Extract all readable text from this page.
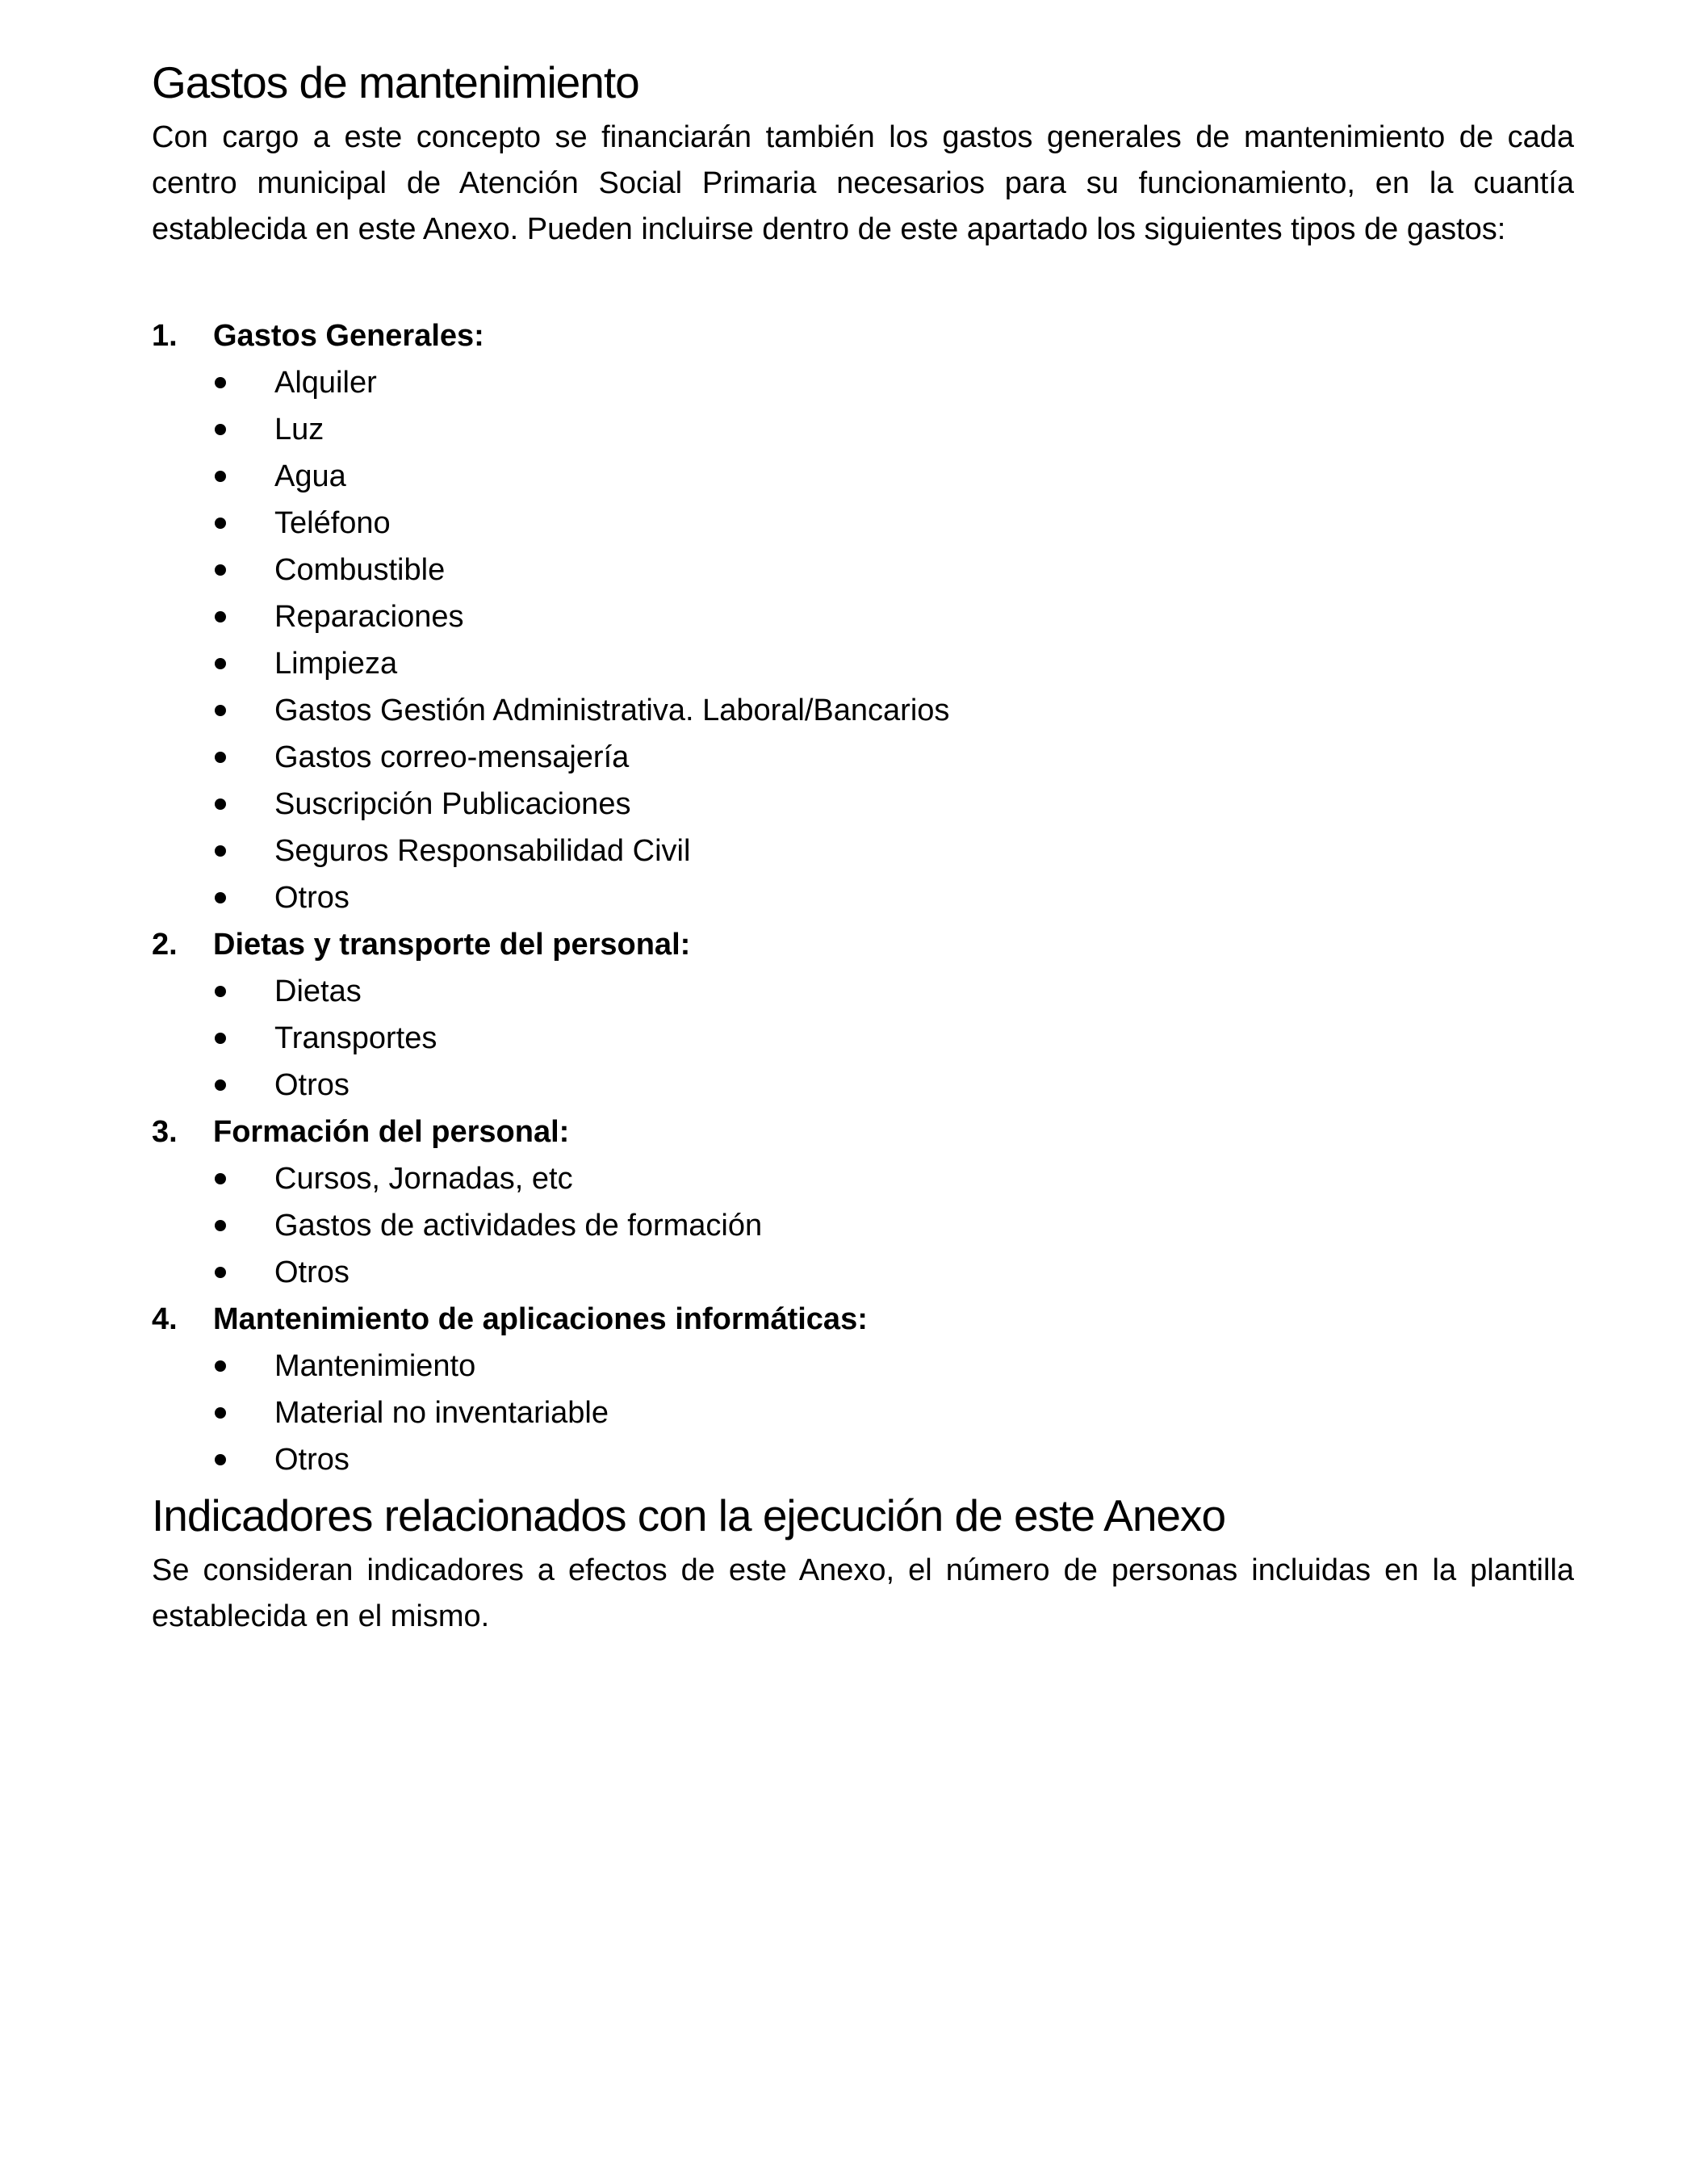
Gastos de mantenimiento

Con cargo a este concepto se financiarán también los gastos generales de mantenimiento de cada centro municipal de Atención Social Primaria necesarios para su funcionamiento, en la cuantía establecida en este Anexo. Pueden incluirse dentro de este apartado los siguientes tipos de gastos:

1.	Gastos Generales:
Alquiler
Luz
Agua
Teléfono
Combustible
Reparaciones
Limpieza
Gastos Gestión Administrativa. Laboral/Bancarios
Gastos correo-mensajería
Suscripción Publicaciones
Seguros Responsabilidad Civil
Otros
2.	Dietas y transporte del personal:
Dietas
Transportes
Otros
3.	Formación del personal:
Cursos, Jornadas, etc
Gastos de actividades de formación
Otros
4.	Mantenimiento de aplicaciones informáticas:
Mantenimiento
Material no inventariable
Otros
Indicadores relacionados con la ejecución de este Anexo

Se consideran indicadores a efectos de este Anexo, el número de personas incluidas en la plantilla establecida en el mismo.
